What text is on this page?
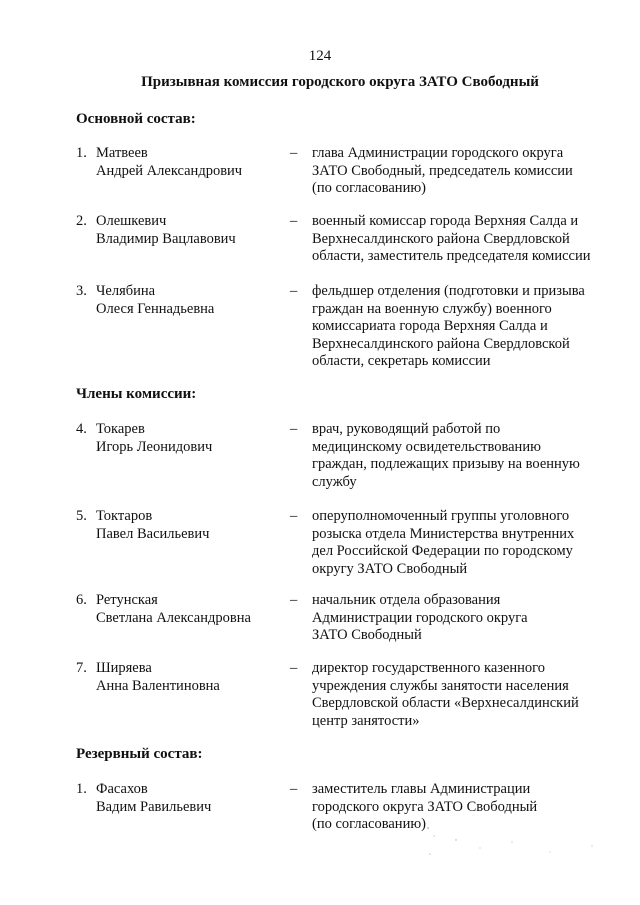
124
Призывная комиссия городского округа ЗАТО Свободный
Основной состав:
1. Матвеев
Андрей Александрович
–	глава Администрации городского округа
ЗАТО Свободный, председатель комиссии
(по согласованию)
2. Олешкевич
Владимир Вацлавович
–	военный комиссар города Верхняя Салда и
Верхнесалдинского района Свердловской
области, заместитель председателя комиссии
3. Челябина
Олеся Геннадьевна
–	фельдшер отделения (подготовки и призыва
граждан на военную службу) военного
комиссариата города Верхняя Салда и
Верхнесалдинского района Свердловской
области, секретарь комиссии
Члены комиссии:
4. Токарев
Игорь Леонидович
–	врач, руководящий работой по
медицинскому освидетельствованию
граждан, подлежащих призыву на военную
службу
5. Токтаров
Павел Васильевич
–	оперуполномоченный группы уголовного
розыска отдела Министерства внутренних
дел Российской Федерации по городскому
округу ЗАТО Свободный
6. Ретунская
Светлана Александровна
–	начальник отдела образования
Администрации городского округа
ЗАТО Свободный
7. Ширяева
Анна Валентиновна
–	директор государственного казенного
учреждения службы занятости населения
Свердловской области «Верхнесалдинский
центр занятости»
Резервный состав:
1. Фасахов
Вадим Равильевич
–	заместитель главы Администрации
городского округа ЗАТО Свободный
(по согласованию)
